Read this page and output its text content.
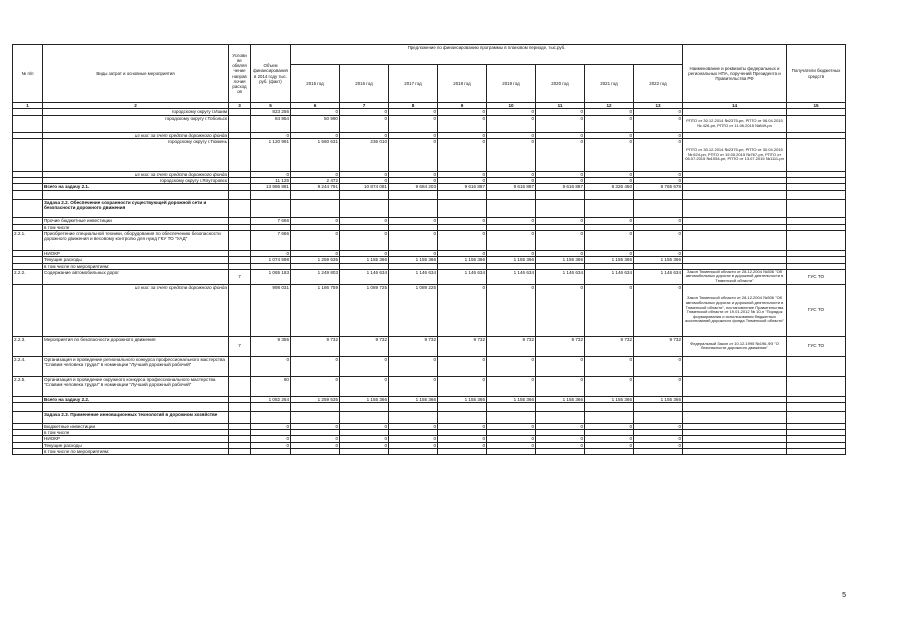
№ п/п	Виды затрат и основные мероприятия	Услови ве обвляя чение направ лочия расход ов	Объем финансирования в 2014 году тыс. руб. (факт)	Предложение по финансированию программы в плановом периоде, тыс.руб.								Наименование и реквизиты федеральных и региональных НПА, поручений Президента и Правительства РФ	Получатели бюджетных средств
				2015 год	2016 год	2017 год	2018 год	2019 год	2020 год	2021 год	2022 год		
1	2	3	5	6	7	8	9	10	11	12	13	14	15
	городскому округу г.Ишим		823 256	0	0	0	0	0	0	0	0		
	городскому округу г.Тобольск		84 954	50 990	0	0	0	0	0	0	0	РПТО от 30.12.2014 №2375-рп, РПТО от 06.04.2015 № 426-рп, РПТО от 11.06.2015 №849-рп	
	из них: за счет средств дорожного фонда		0	0	0	0	0	0	0	0	0		
	городскому округу г.Тюмень		1 120 991	1 560 631	236 010	0	0	0	0	0	0	РПТО от 30.12.2014 №2375-рп, РПТО от 30.04.2015 № 624-рп, РПТО от 19.05.2015 №767-рп, РПТО от 06.07.2015 №1054-рп, РПТО от 13.07.2015 №1111-рп	
	из них: за счет средств дорожного фонда		0	0	0	0	0	0	0	0	0		
	городскому округу г.Ялуторовск		11 129	2 472	0	0	0	0	0	0	0		
	Всего на задачу 2.1.		13 986 881	9 244 791	10 874 081	9 684 203	9 616 887	9 616 887	9 616 887	8 326 450	8 765 678		

	Задача 2.2. Обеспечение сохранности существующей дорожной сети и безопасности дорожного движения												
	Прочие бюджетные инвестиции		7 666	0	0	0	0	0	0	0	0		
	в том числе												
2.2.1.	Приобретение специальной техники, оборудования по обеспечению безопасности дорожного движения и весовому контролю для нужд ГКУ ТО "УАД"		7 666	0	0	0	0	0	0	0	0		
	НИОКР		0	0	0	0	0	0	0	0	0		
	Текущие расходы		1 074 598	1 259 535	1 155 366	1 155 366	1 155 366	1 155 366	1 155 366	1 155 366	1 155 366		
	в том числе по мероприятиям:												
2.2.2.	Содержание автомобильных дорог	7	1 065 183	1 249 803	1 146 634	1 146 634	1 146 634	1 146 634	1 146 634	1 146 634	1 146 634	Закон Тюменской области от 28.12.2004 №306 "Об автомобильных дорогах в дорожной деятельности в Тюменской области"	ГУС ТО
	из них: за счет средств дорожного фонда		998 031	1 186 759	1 089 725	1 089 225	0	0	0	0	0	Закон Тюменской области от 28.12.2004 №306 "Об автомобильных дорогах и дорожной деятельности в Тюменской области", постановление Правительства Тюменской области от 19.01.2012 № 10-п "Порядок формирования и использования бюджетных ассигнований дорожного фонда Тюменской области"	ГУС ТО
2.2.3.	Мероприятия по безопасности дорожного движения	7	9 355	9 732	9 732	9 732	9 732	9 732	9 732	9 732	9 732	Федеральный Закон от 10.12.1995 №196-ФЗ "О безопасности дорожного движения"	ГУС ТО
2.2.4.	Организация и проведение регионального конкурса профессионального мастерства "Славим человека труда!" в номинации "Лучший дорожный рабочий"		0	0	0	0	0	0	0	0	0		
2.2.5.	Организация и проведение окружного конкурса профессионального мастерства "Славим человека труда!" в номинации "Лучший дорожный рабочий"		60	0	0	0	0	0	0	0	0		
	Всего на задачу 2.2.		1 082 264	1 259 535	1 155 366	1 155 366	1 155 366	1 155 366	1 155 366	1 155 366	1 155 366		

	Задача 2.3. Применение инновационных технологий в дорожном хозяйстве												
	Бюджетные инвестиции		0	0	0	0	0	0	0	0	0		
	в том числе												
	НИОКР		0	0	0	0	0	0	0	0	0		
	Текущие расходы		0	0	0	0	0	0	0	0	0		
	в том числе по мероприятиям:												
5
